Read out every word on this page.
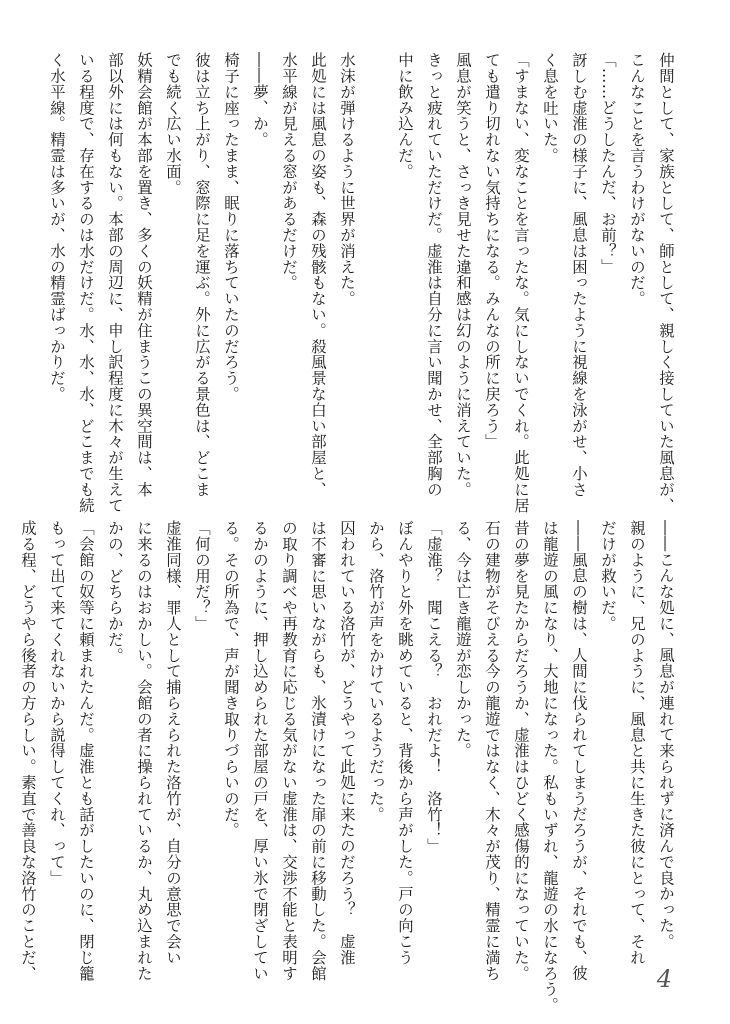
仲間として、家族として、師として、親しく接していた風息が、
こんなことを言うわけがないのだ。
「……どうしたんだ、お前？」
訝しむ虚淮の様子に、風息は困ったように視線を泳がせ、小さ
く息を吐いた。
「すまない、変なことを言ったな。気にしないでくれ。此処に居
ても遣り切れない気持ちになる。みんなの所に戻ろう」
風息が笑うと、さっき見せた違和感は幻のように消えていた。
きっと疲れていただけだ。虚淮は自分に言い聞かせ、全部胸の
中に飲み込んだ。

水沫が弾けるように世界が消えた。
此処には風息の姿も、森の残骸もない。殺風景な白い部屋と、
水平線が見える窓があるだけだ。
――夢、か。
椅子に座ったまま、眠りに落ちていたのだろう。
彼は立ち上がり、窓際に足を運ぶ。外に広がる景色は、どこま
でも続く広い水面。
妖精会館が本部を置き、多くの妖精が住まうこの異空間は、本
部以外には何もない。本部の周辺に、申し訳程度に木々が生えて
いる程度で、存在するのは水だけだ。水、水、水、どこまでも続
く水平線。精霊は多いが、水の精霊ばっかりだ。
――こんな処に、風息が連れて来られずに済んで良かった。
親のように、兄のように、風息と共に生きた彼にとって、それ
だけが救いだ。
――風息の樹は、人間に伐られてしまうだろうが、それでも、彼
は龍遊の風になり、大地になった。私もいずれ、龍遊の水になろう。
昔の夢を見たからだろうか、虚淮はひどく感傷的になっていた。
石の建物がそびえる今の龍遊ではなく、木々が茂り、精霊に満ち
る、今は亡き龍遊が恋しかった。
「虚淮？　聞こえる？　おれだよ！　洛竹！」
ぼんやりと外を眺めていると、背後から声がした。戸の向こう
から、洛竹が声をかけているようだった。
囚われている洛竹が、どうやって此処に来たのだろう？　虚淮
は不審に思いながらも、氷漬けになった扉の前に移動した。会館
の取り調べや再教育に応じる気がない虚淮は、交渉不能と表明す
るかのように、押し込められた部屋の戸を、厚い氷で閉ざしてい
る。その所為で、声が聞き取りづらいのだ。
「何の用だ？」
虚淮同様、罪人として捕らえられた洛竹が、自分の意思で会い
に来るのはおかしい。会館の者に操られているか、丸め込まれた
かの、どちらかだ。
「会館の奴等に頼まれたんだ。虚淮とも話がしたいのに、閉じ籠
もって出て来てくれないから説得してくれ、って」
成る程、どうやら後者の方らしい。素直で善良な洛竹のことだ、	4
